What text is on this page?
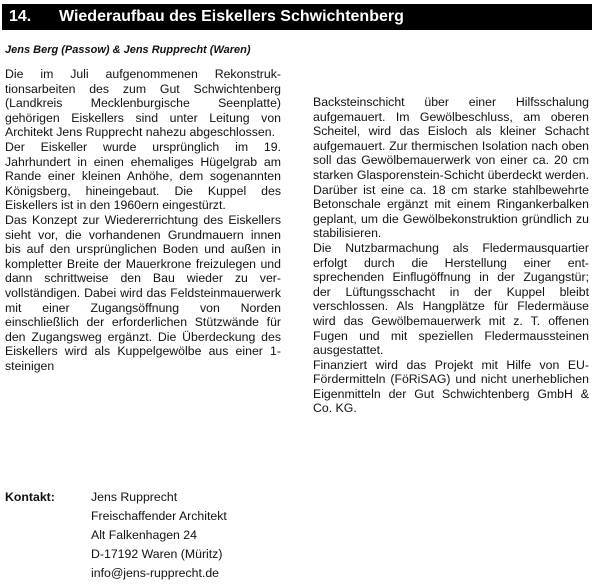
14.	Wiederaufbau des Eiskellers Schwichtenberg
Jens Berg (Passow) & Jens Rupprecht (Waren)

Die im Juli aufgenommenen Rekonstruktionsarbeiten des zum Gut Schwichtenberg (Landkreis Mecklenburgische Seenplatte) gehörigen Eiskellers sind unter Leitung von Architekt Jens Rupprecht nahezu abgeschlossen.

Der Eiskeller wurde ursprünglich im 19. Jahrhundert in einen ehemaliges Hügelgrab am Rande einer kleinen Anhöhe, dem sogenannten Königsberg, hineingebaut. Die Kuppel des Eiskellers ist in den 1960ern eingestürzt.

Das Konzept zur Wiedererrichtung des Eiskellers sieht vor, die vorhandenen Grundmauern innen bis auf den ursprünglichen Boden und außen in kompletter Breite der Mauerkrone freizulegen und dann schrittweise den Bau wieder zu vervollständigen. Dabei wird das Feldsteinmauerwerk mit einer Zugangsöffnung von Norden einschließlich der erforderlichen Stützwände für den Zugangsweg ergänzt. Die Überdeckung des Eiskellers wird als Kuppelgewölbe aus einer 1-steinigen

Backsteinschicht über einer Hilfsschalung aufgemauert. Im Gewölbeschluss, am oberen Scheitel, wird das Eisloch als kleiner Schacht aufgemauert. Zur thermischen Isolation nach oben soll das Gewölbemauerwerk von einer ca. 20 cm starken Glasporenstein-Schicht überdeckt werden. Darüber ist eine ca. 18 cm starke stahlbewehrte Betonschale ergänzt mit einem Ringankerbalken geplant, um die Gewölbekonstruktion gründlich zu stabilisieren.

Die Nutzbarmachung als Fledermausquartier erfolgt durch die Herstellung einer entsprechenden Einflugöffnung in der Zugangstür; der Lüftungsschacht in der Kuppel bleibt verschlossen. Als Hangplätze für Fledermäuse wird das Gewölbemauerwerk mit z. T. offenen Fugen und mit speziellen Fledermaussteinen ausgestattet.

Finanziert wird das Projekt mit Hilfe von EU-Fördermitteln (FöRiSAG) und nicht unerheblichen Eigenmitteln der Gut Schwichtenberg GmbH & Co. KG.

Kontakt:	Jens Rupprecht
Freischaffender Architekt
Alt Falkenhagen 24
D-17192 Waren (Müritz)
info@jens-rupprecht.de
